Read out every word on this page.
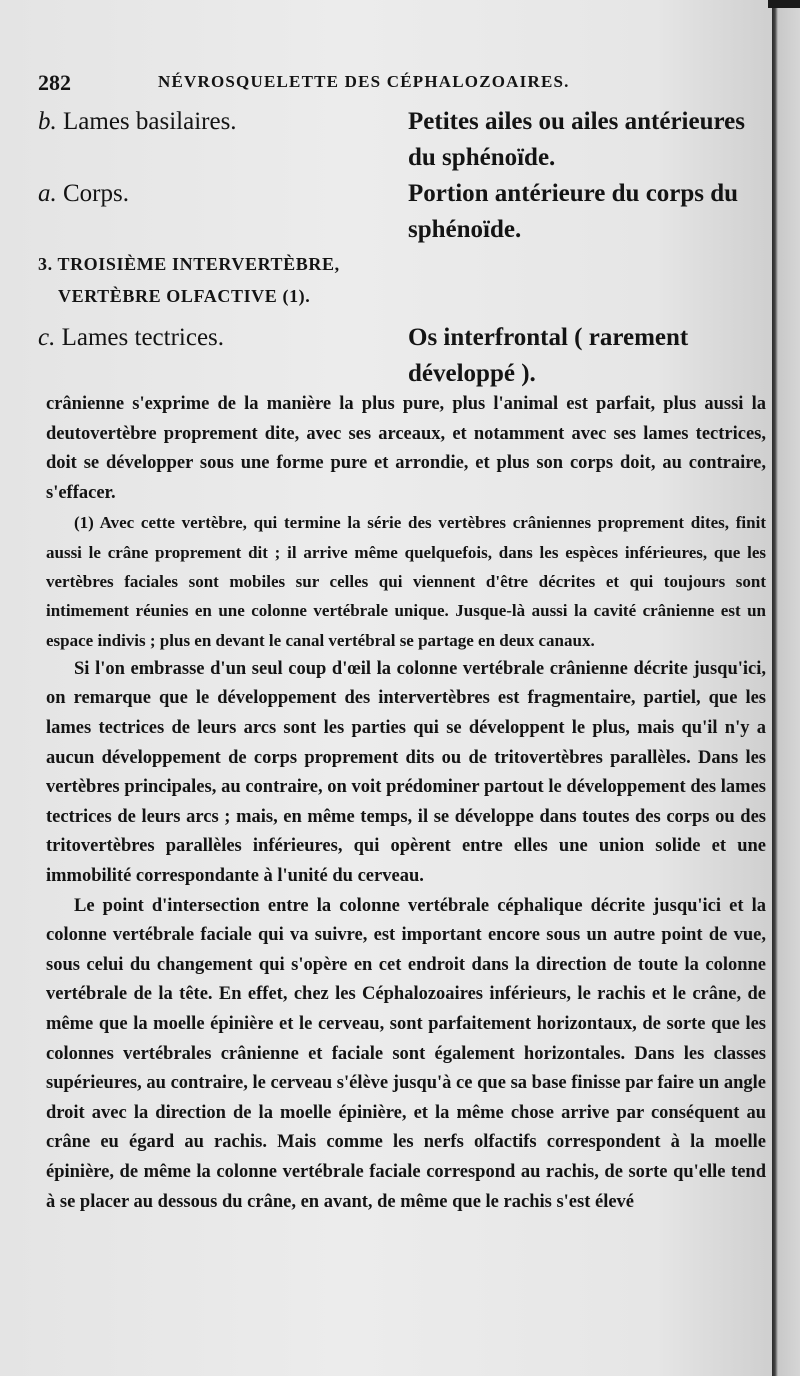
282	NÉVROSQUELETTE DES CÉPHALOZOAIRES.
b. Lames basilaires.	Petites ailes ou ailes antérieures du sphénoïde.
a. Corps.	Portion antérieure du corps du sphénoïde.
3. TROISIÈME INTERVERTÈBRE, VERTÈBRE OLFACTIVE (1).
c. Lames tectrices.	Os interfrontal ( rarement développé ).

crânienne s'exprime de la manière la plus pure, plus l'animal est parfait, plus aussi la deutovertèbre proprement dite, avec ses arceaux, et notamment avec ses lames tectrices, doit se développer sous une forme pure et arrondie, et plus son corps doit, au contraire, s'effacer.

(1) Avec cette vertèbre, qui termine la série des vertèbres crâniennes proprement dites, finit aussi le crâne proprement dit ; il arrive même quelquefois, dans les espèces inférieures, que les vertèbres faciales sont mobiles sur celles qui viennent d'être décrites et qui toujours sont intimement réunies en une colonne vertébrale unique. Jusque-là aussi la cavité crânienne est un espace indivis ; plus en devant le canal vertébral se partage en deux canaux.

Si l'on embrasse d'un seul coup d'œil la colonne vertébrale crânienne décrite jusqu'ici, on remarque que le développement des intervertèbres est fragmentaire, partiel, que les lames tectrices de leurs arcs sont les parties qui se développent le plus, mais qu'il n'y a aucun développement de corps proprement dits ou de tritovertèbres parallèles. Dans les vertèbres principales, au contraire, on voit prédominer partout le développement des lames tectrices de leurs arcs ; mais, en même temps, il se développe dans toutes des corps ou des tritovertèbres parallèles inférieures, qui opèrent entre elles une union solide et une immobilité correspondante à l'unité du cerveau.

Le point d'intersection entre la colonne vertébrale céphalique décrite jusqu'ici et la colonne vertébrale faciale qui va suivre, est important encore sous un autre point de vue, sous celui du changement qui s'opère en cet endroit dans la direction de toute la colonne vertébrale de la tête. En effet, chez les Céphalozoaires inférieurs, le rachis et le crâne, de même que la moelle épinière et le cerveau, sont parfaitement horizontaux, de sorte que les colonnes vertébrales crânienne et faciale sont également horizontales. Dans les classes supérieures, au contraire, le cerveau s'élève jusqu'à ce que sa base finisse par faire un angle droit avec la direction de la moelle épinière, et la même chose arrive par conséquent au crâne eu égard au rachis. Mais comme les nerfs olfactifs correspondent à la moelle épinière, de même la colonne vertébrale faciale correspond au rachis, de sorte qu'elle tend à se placer au dessous du crâne, en avant, de même que le rachis s'est élevé
